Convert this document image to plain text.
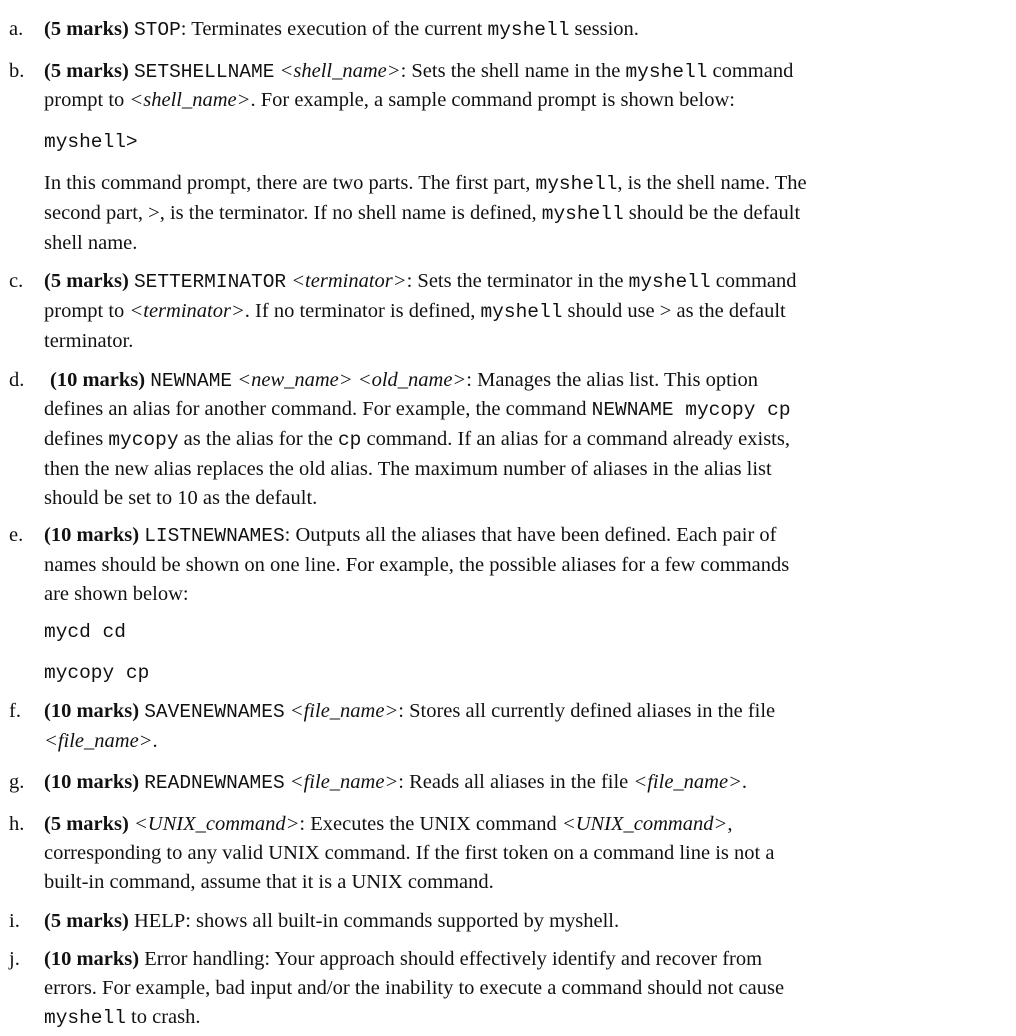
a. (5 marks) STOP: Terminates execution of the current myshell session.
b. (5 marks) SETSHELLNAME <shell_name>: Sets the shell name in the myshell command
prompt to <shell_name>. For example, a sample command prompt is shown below:
myshell>
In this command prompt, there are two parts. The first part, myshell, is the shell name. The
second part, >, is the terminator. If no shell name is defined, myshell should be the default
shell name.
c. (5 marks) SETTERMINATOR <terminator>: Sets the terminator in the myshell command
prompt to <terminator>. If no terminator is defined, myshell should use > as the default
terminator.
d. (10 marks) NEWNAME <new_name> <old_name>: Manages the alias list. This option
defines an alias for another command. For example, the command NEWNAME mycopy cp
defines mycopy as the alias for the cp command. If an alias for a command already exists,
then the new alias replaces the old alias. The maximum number of aliases in the alias list
should be set to 10 as the default.
e. (10 marks) LISTNEWNAMES: Outputs all the aliases that have been defined. Each pair of
names should be shown on one line. For example, the possible aliases for a few commands
are shown below:
mycd cd
mycopy cp
f. (10 marks) SAVENEWNAMES <file_name>: Stores all currently defined aliases in the file
<file_name>.
g. (10 marks) READNEWNAMES <file_name>: Reads all aliases in the file <file_name>.
h. (5 marks) <UNIX_command>: Executes the UNIX command <UNIX_command>,
corresponding to any valid UNIX command. If the first token on a command line is not a
built-in command, assume that it is a UNIX command.
i. (5 marks) HELP: shows all built-in commands supported by myshell.
j. (10 marks) Error handling: Your approach should effectively identify and recover from
errors. For example, bad input and/or the inability to execute a command should not cause
myshell to crash.
